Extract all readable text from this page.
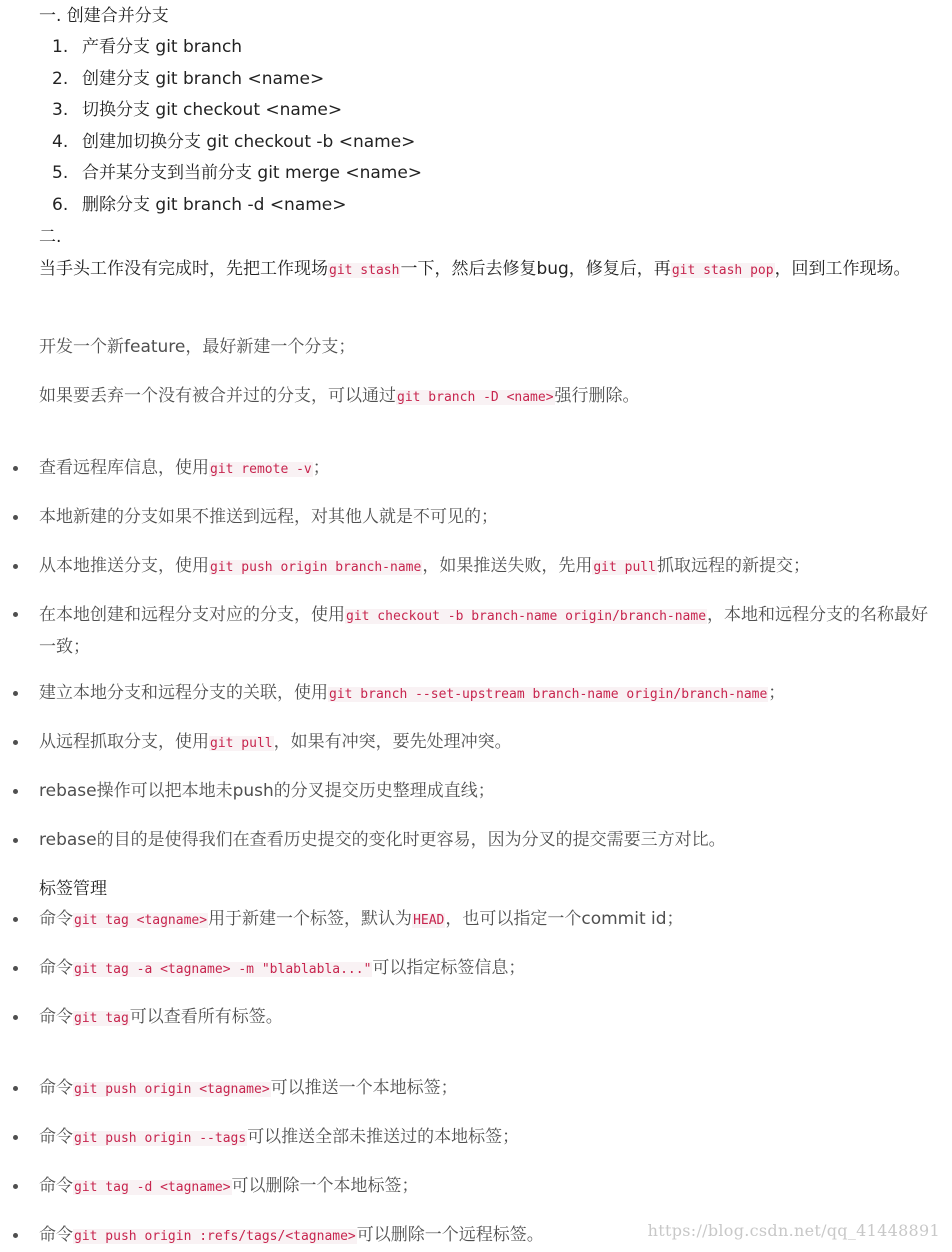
一. 创建合并分支
1. 产看分支 git branch
2. 创建分支 git branch <name>
3. 切换分支 git checkout <name>
4. 创建加切换分支 git checkout -b <name>
5. 合并某分支到当前分支 git merge <name>
6. 删除分支 git branch -d <name>
二.
当手头工作没有完成时，先把工作现场git stash一下，然后去修复bug，修复后，再git stash pop，回到工作现场。
开发一个新feature，最好新建一个分支；
如果要丢弃一个没有被合并过的分支，可以通过git branch -D <name>强行删除。
查看远程库信息，使用git remote -v；
本地新建的分支如果不推送到远程，对其他人就是不可见的；
从本地推送分支，使用git push origin branch-name，如果推送失败，先用git pull抓取远程的新提交；
在本地创建和远程分支对应的分支，使用git checkout -b branch-name origin/branch-name，本地和远程分支的名称最好一致；
建立本地分支和远程分支的关联，使用git branch --set-upstream branch-name origin/branch-name；
从远程抓取分支，使用git pull，如果有冲突，要先处理冲突。
rebase操作可以把本地未push的分叉提交历史整理成直线；
rebase的目的是使得我们在查看历史提交的变化时更容易，因为分叉的提交需要三方对比。
标签管理
命令git tag <tagname>用于新建一个标签，默认为HEAD，也可以指定一个commit id；
命令git tag -a <tagname> -m "blablabla..."可以指定标签信息；
命令git tag可以查看所有标签。
命令git push origin <tagname>可以推送一个本地标签；
命令git push origin --tags可以推送全部未推送过的本地标签；
命令git tag -d <tagname>可以删除一个本地标签；
命令git push origin :refs/tags/<tagname>可以删除一个远程标签。	https://blog.csdn.net/qq_41448891
